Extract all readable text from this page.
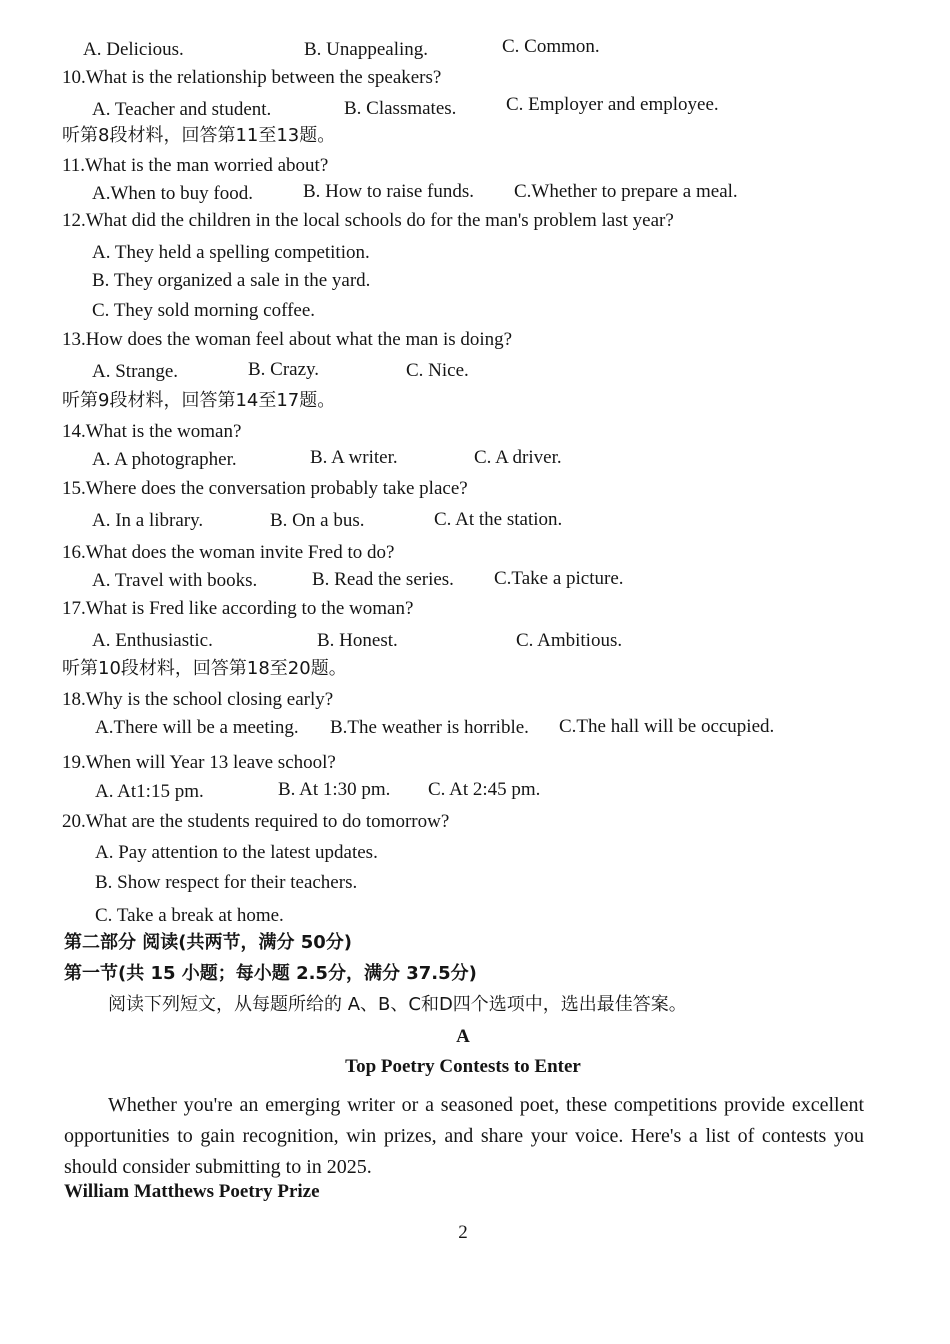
A. Delicious.	B. Unappealing.	C. Common.
10.What is the relationship between the speakers?
A. Teacher and student.	B. Classmates.	C. Employer and employee.
听第8段材料，回答第11至13题。
11.What is the man worried about?
A.When to buy food.	B. How to raise funds. C.Whether to prepare a meal.
12.What did the children in the local schools do for the man's problem last year?
A. They held a spelling competition.
B. They organized a sale in the yard.
C. They sold morning coffee.
13.How does the woman feel about what the man is doing?
A. Strange.	B. Crazy.	C. Nice.
听第9段材料，回答第14至17题。
14.What is the woman?
A. A photographer.	B. A writer.	C. A driver.
15.Where does the conversation probably take place?
A. In a library.	B. On a bus.	C. At the station.
16.What does the woman invite Fred to do?
A. Travel with books.	B. Read the series. C.Take a picture.
17.What is Fred like according to the woman?
A. Enthusiastic.	B. Honest.	C. Ambitious.
听第10段材料，回答第18至20题。
18.Why is the school closing early?
A.There will be a meeting. B.The weather is horrible. C.The hall will be occupied.
19.When will Year 13 leave school?
A. At1:15 pm.	B. At 1:30 pm. C. At 2:45 pm.
20.What are the students required to do tomorrow?
A. Pay attention to the latest updates.
B. Show respect for their teachers.
C. Take a break at home.
第二部分 阅读(共两节，满分 50分)
第一节(共 15 小题；每小题 2.5分，满分 37.5分)
阅读下列短文，从每题所给的 A、B、C和D四个选项中，选出最佳答案。
A
Top Poetry Contests to Enter

Whether you're an emerging writer or a seasoned poet, these competitions provide excellent opportunities to gain recognition, win prizes, and share your voice. Here's a list of contests you should consider submitting to in 2025.

William Matthews Poetry Prize
2
